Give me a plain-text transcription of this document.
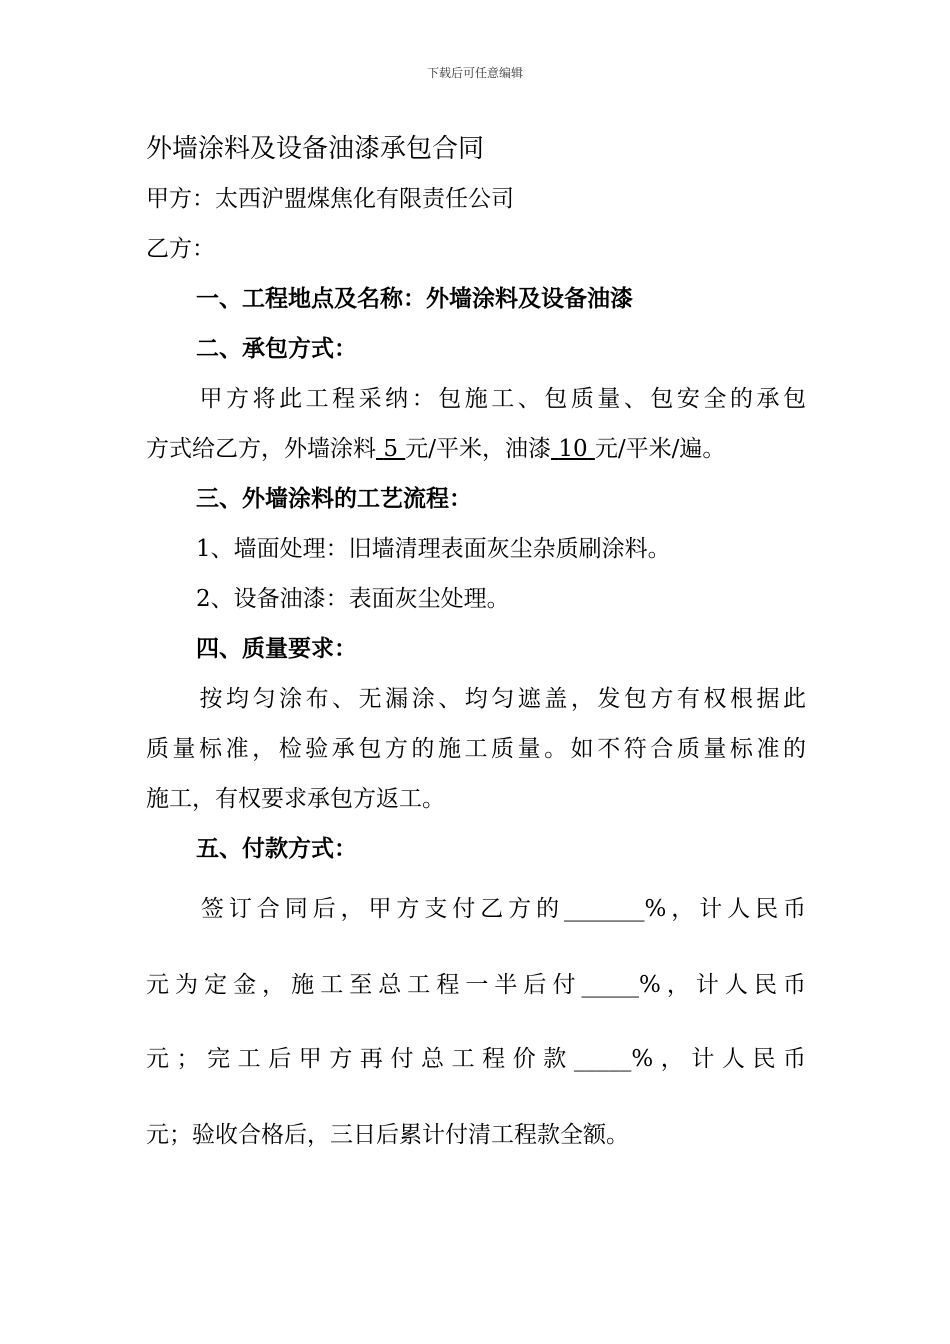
下载后可任意编辑
外墙涂料及设备油漆承包合同
甲方：太西沪盟煤焦化有限责任公司
乙方：
一、工程地点及名称：外墙涂料及设备油漆
二、承包方式：
甲方将此工程采纳：包施工、包质量、包安全的承包
方式给乙方，外墙涂料 5 元/平米，油漆 10 元/平米/遍。
三、外墙涂料的工艺流程：
1、墙面处理：旧墙清理表面灰尘杂质刷涂料。
2、设备油漆：表面灰尘处理。
四、质量要求：
按均匀涂布、无漏涂、均匀遮盖，发包方有权根据此
质量标准，检验承包方的施工质量。如不符合质量标准的
施工，有权要求承包方返工。
五、付款方式：
签订合同后，甲方支付乙方的_______%，计人民币
元为定金，施工至总工程一半后付_____%，计人民币
元；完工后甲方再付总工程价款_____%，计人民币
元；验收合格后，三日后累计付清工程款全额。
